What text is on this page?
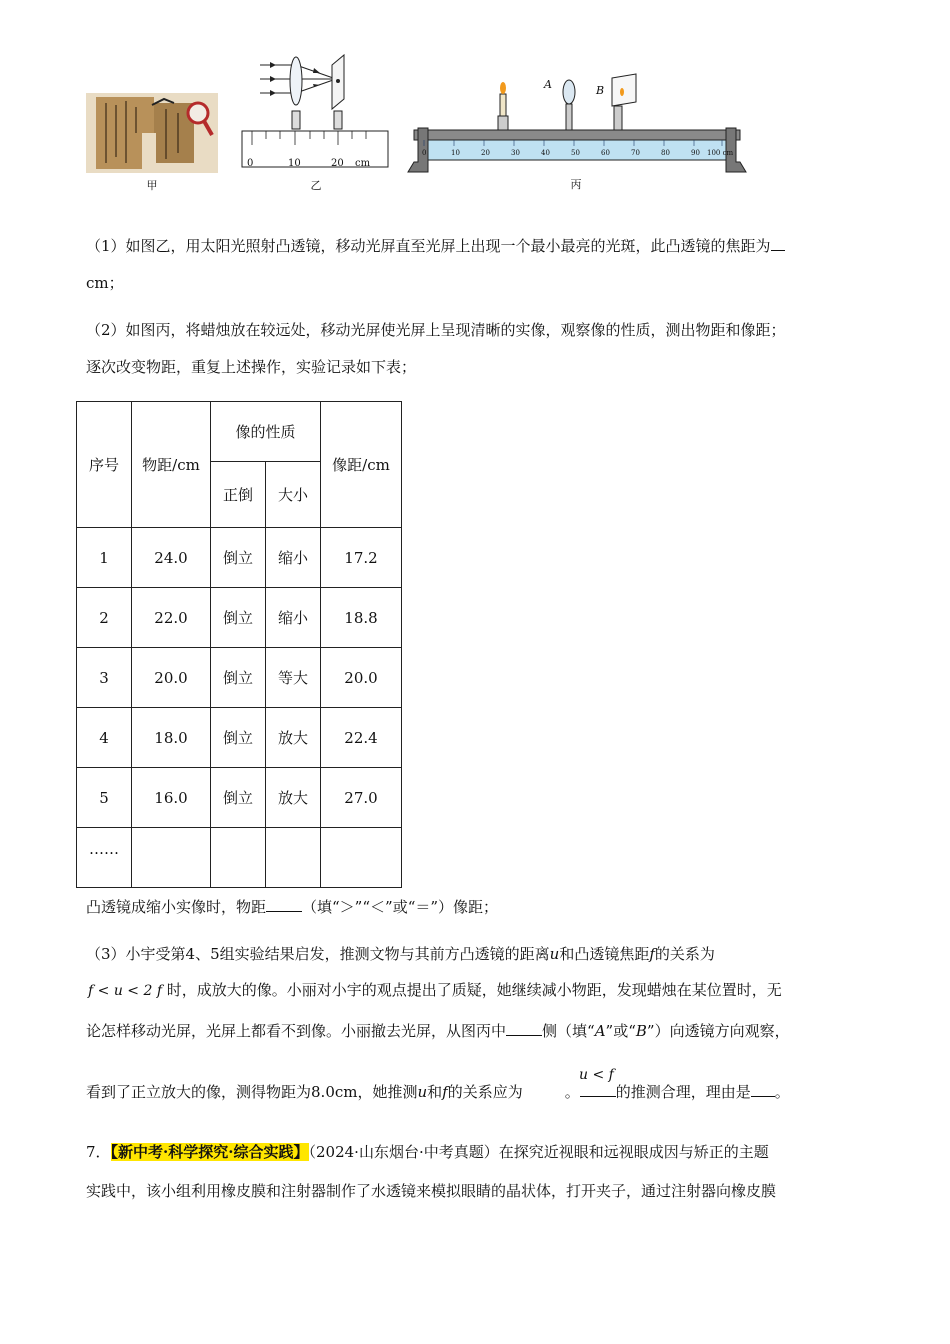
甲
0	10	20 cm
乙
A	B
0	10	20	30	40	50	60	70	80	90 100 cm
丙
（1）如图乙，用太阳光照射凸透镜，移动光屏直至光屏上出现一个最小最亮的光斑，此凸透镜的焦距为
cm；
（2）如图丙，将蜡烛放在较远处，移动光屏使光屏上呈现清晰的实像，观察像的性质，测出物距和像距；
逐次改变物距，重复上述操作，实验记录如下表；
序号	物距/cm	像的性质		像距/cm
		正倒	大小	
1	24.0	倒立	缩小	17.2
2	22.0	倒立	缩小	18.8
3	20.0	倒立	等大	20.0
4	18.0	倒立	放大	22.4
5	16.0	倒立	放大	27.0
……				
凸透镜成缩小实像时，物距 （填“＞”“＜”或“＝”）像距；
（3）小宇受第4、5组实验结果启发，推测文物与其前方凸透镜的距离u和凸透镜焦距f的关系为
f < u < 2 f 时，成放大的像。小丽对小宇的观点提出了质疑，她继续减小物距，发现蜡烛在某位置时，无
论怎样移动光屏，光屏上都看不到像。小丽撤去光屏，从图丙中 侧（填“A”或“B”）向透镜方向观察，
u < f
看到了正立放大的像，测得物距为8.0cm，她推测u和f的关系应为	。 的推测合理，理由是 。
7．【新中考·科学探究·综合实践】（2024·山东烟台·中考真题）在探究近视眼和远视眼成因与矫正的主题
实践中，该小组利用橡皮膜和注射器制作了水透镜来模拟眼睛的晶状体，打开夹子，通过注射器向橡皮膜
